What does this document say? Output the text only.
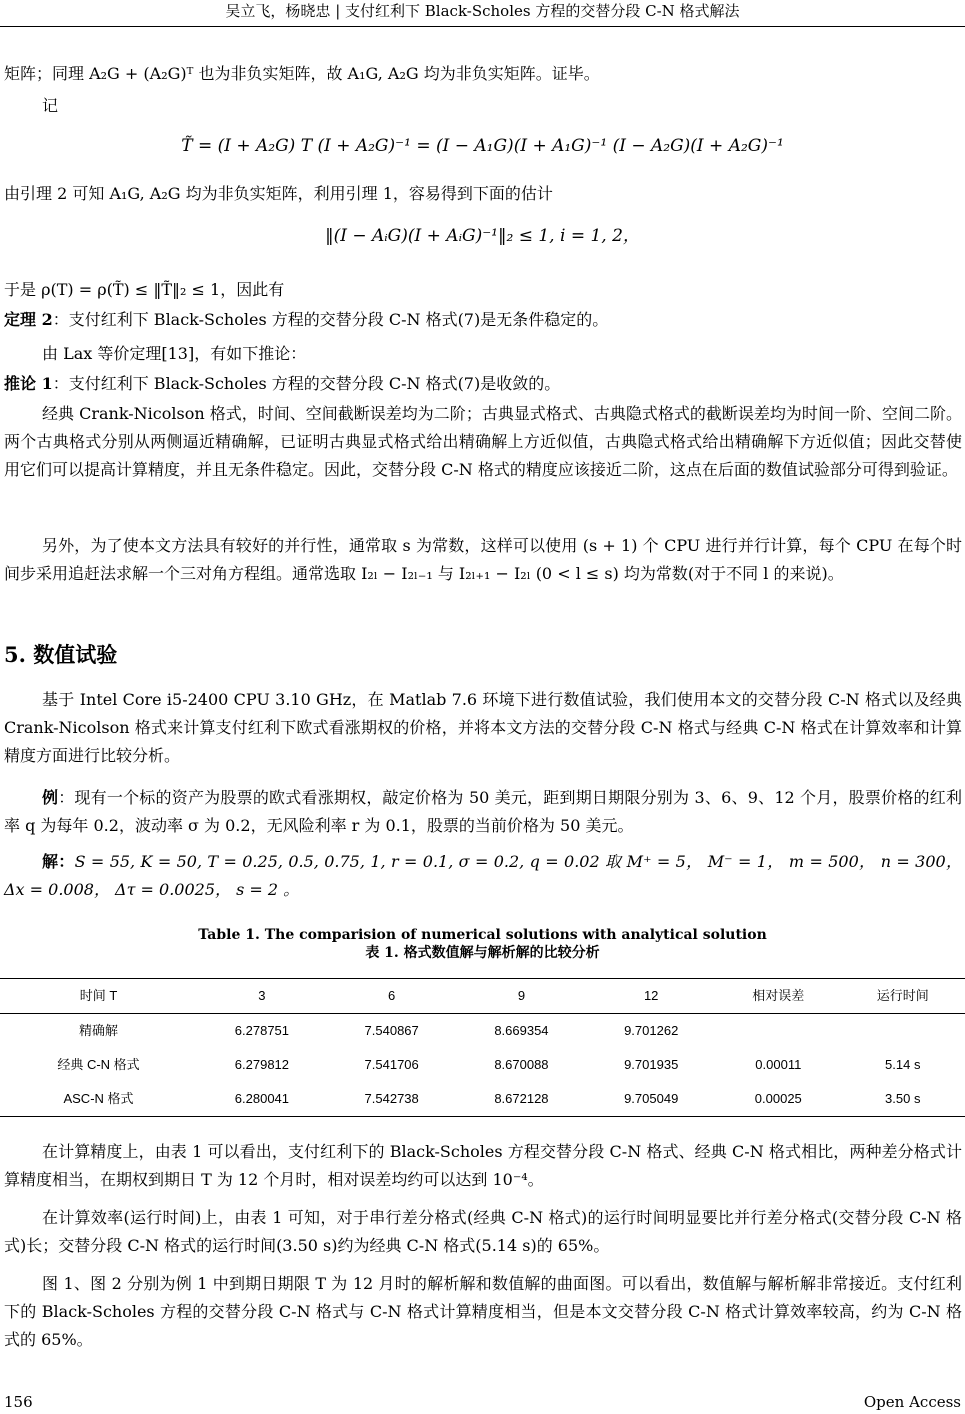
吴立飞，杨晓忠 | 支付红利下 Black-Scholes 方程的交替分段 C-N 格式解法

矩阵；同理 A₂G + (A₂G)ᵀ 也为非负实矩阵，故 A₁G, A₂G 均为非负实矩阵。证毕。

记

T̃ = (I + A₂G) T (I + A₂G)⁻¹ = (I − A₁G)(I + A₁G)⁻¹ (I − A₂G)(I + A₂G)⁻¹

由引理 2 可知 A₁G, A₂G 均为非负实矩阵，利用引理 1，容易得到下面的估计

‖(I − AᵢG)(I + AᵢG)⁻¹‖₂ ≤ 1, i = 1, 2，

于是 ρ(T) = ρ(T̃) ≤ ‖T̃‖₂ ≤ 1，因此有

定理 2：支付红利下 Black-Scholes 方程的交替分段 C-N 格式(7)是无条件稳定的。

由 Lax 等价定理[13]，有如下推论：

推论 1：支付红利下 Black-Scholes 方程的交替分段 C-N 格式(7)是收敛的。

经典 Crank-Nicolson 格式，时间、空间截断误差均为二阶；古典显式格式、古典隐式格式的截断误差均为时间一阶、空间二阶。两个古典格式分别从两侧逼近精确解，已证明古典显式格式给出精确解上方近似值，古典隐式格式给出精确解下方近似值；因此交替使用它们可以提高计算精度，并且无条件稳定。因此，交替分段 C-N 格式的精度应该接近二阶，这点在后面的数值试验部分可得到验证。

另外，为了使本文方法具有较好的并行性，通常取 s 为常数，这样可以使用 (s + 1) 个 CPU 进行并行计算，每个 CPU 在每个时间步采用追赶法求解一个三对角方程组。通常选取 I₂ₗ − I₂ₗ₋₁ 与 I₂ₗ₊₁ − I₂ₗ (0 < l ≤ s) 均为常数(对于不同 l 的来说)。

5. 数值试验

基于 Intel Core i5-2400 CPU 3.10 GHz，在 Matlab 7.6 环境下进行数值试验，我们使用本文的交替分段 C-N 格式以及经典 Crank-Nicolson 格式来计算支付红利下欧式看涨期权的价格，并将本文方法的交替分段 C-N 格式与经典 C-N 格式在计算效率和计算精度方面进行比较分析。

例：现有一个标的资产为股票的欧式看涨期权，敲定价格为 50 美元，距到期日期限分别为 3、6、9、12 个月，股票价格的红利率 q 为每年 0.2，波动率 σ 为 0.2，无风险利率 r 为 0.1，股票的当前价格为 50 美元。

解：S = 55, K = 50, T = 0.25, 0.5, 0.75, 1, r = 0.1, σ = 0.2, q = 0.02 取 M⁺ = 5， M⁻ = 1， m = 500， n = 300， Δx = 0.008， Δτ = 0.0025， s = 2 。

Table 1. The comparision of numerical solutions with analytical solution
表 1. 格式数值解与解析解的比较分析
时间 T	3	6	9	12	相对误差	运行时间
精确解	6.278751	7.540867	8.669354	9.701262		
经典 C-N 格式	6.279812	7.541706	8.670088	9.701935	0.00011	5.14 s
ASC-N 格式	6.280041	7.542738	8.672128	9.705049	0.00025	3.50 s

在计算精度上，由表 1 可以看出，支付红利下的 Black-Scholes 方程交替分段 C-N 格式、经典 C-N 格式相比，两种差分格式计算精度相当，在期权到期日 T 为 12 个月时，相对误差均约可以达到 10⁻⁴。

在计算效率(运行时间)上，由表 1 可知，对于串行差分格式(经典 C-N 格式)的运行时间明显要比并行差分格式(交替分段 C-N 格式)长；交替分段 C-N 格式的运行时间(3.50 s)约为经典 C-N 格式(5.14 s)的 65%。

图 1、图 2 分别为例 1 中到期日期限 T 为 12 月时的解析解和数值解的曲面图。可以看出，数值解与解析解非常接近。支付红利下的 Black-Scholes 方程的交替分段 C-N 格式与 C-N 格式计算精度相当，但是本文交替分段 C-N 格式计算效率较高，约为 C-N 格式的 65%。

156	Open Access
